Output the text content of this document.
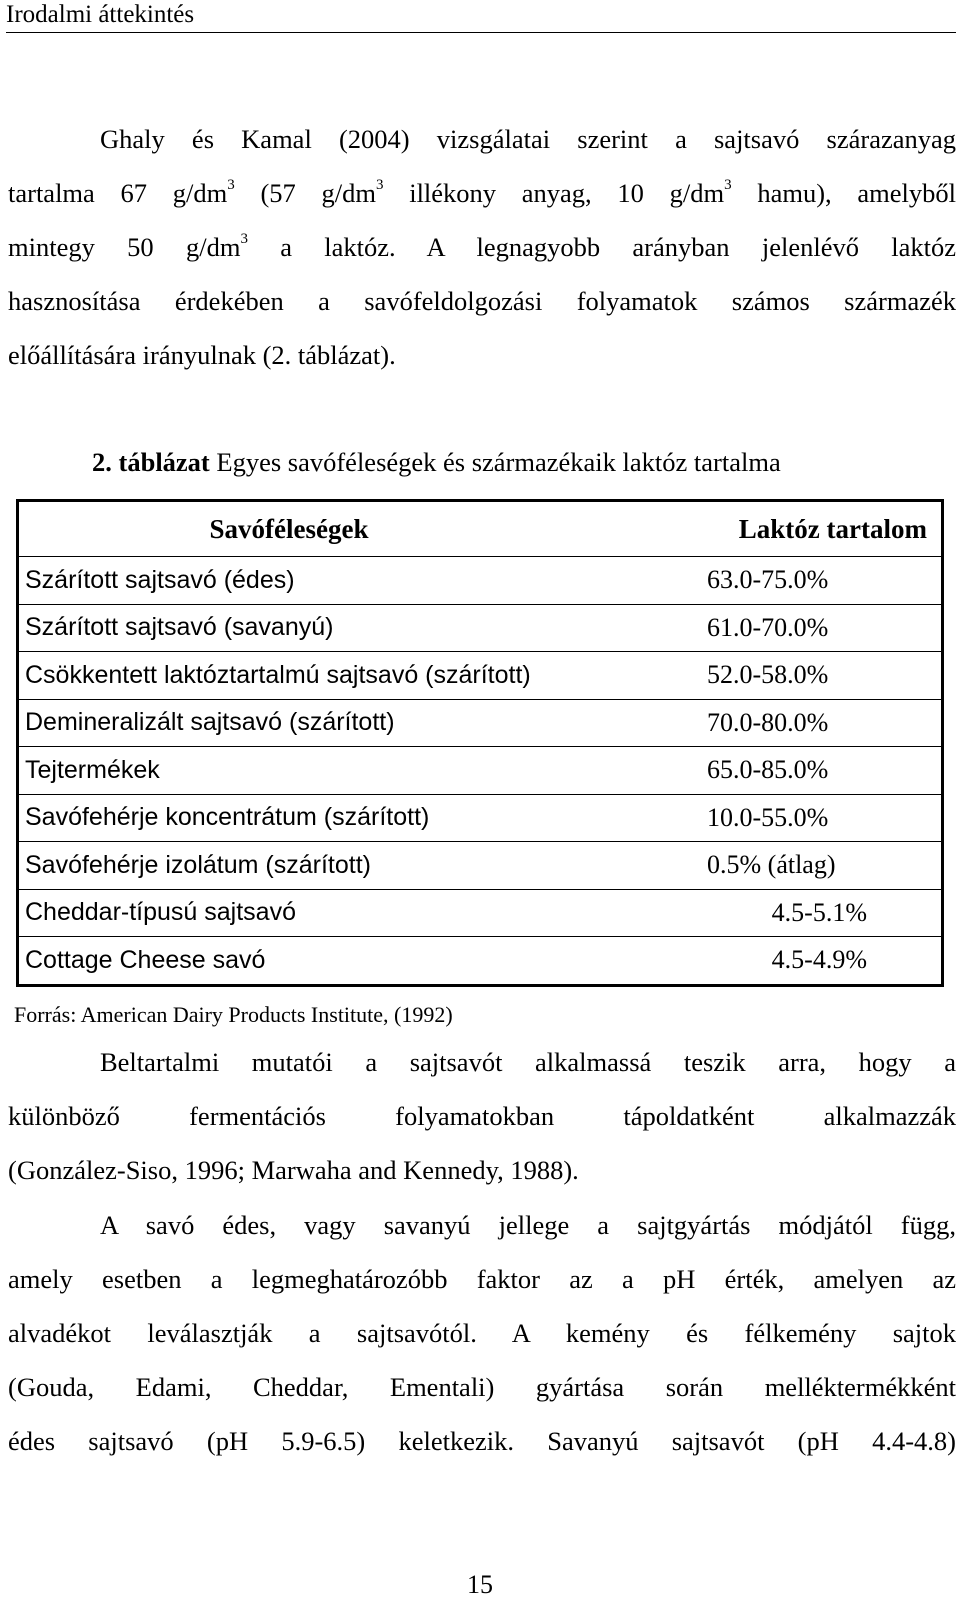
Irodalmi áttekintés
Ghaly és Kamal (2004) vizsgálatai szerint a sajtsavó szárazanyag
tartalma 67 $g/dm^3$ (57 $g/dm^3$ illékony anyag, 10 $g/dm^3$ hamu), amelyből
mintegy 50 $g/dm^3$ a laktóz. A legnagyobb arányban jelenlévő laktóz
hasznosítása érdekében a savófeldolgozási folyamatok számos származék
előállítására irányulnak (2. táblázat).
2. táblázat Egyes savóféleségek és származékaik laktóz tartalma
Savóféleségek	Laktóz tartalom
Szárított sajtsavó (édes)	63.0-75.0%
Szárított sajtsavó (savanyú)	61.0-70.0%
Csökkentett laktóztartalmú sajtsavó (szárított)	52.0-58.0%
Demineralizált sajtsavó (szárított)	70.0-80.0%
Tejtermékek	65.0-85.0%
Savófehérje koncentrátum (szárított)	10.0-55.0%
Savófehérje izolátum (szárított)	0.5% (átlag)
Cheddar-típusú sajtsavó	4.5-5.1%
Cottage Cheese savó	4.5-4.9%
Forrás: American Dairy Products Institute, (1992)
Beltartalmi mutatói a sajtsavót alkalmassá teszik arra, hogy a
különböző fermentációs folyamatokban tápoldatként alkalmazzák
(González-Siso, 1996; Marwaha and Kennedy, 1988).
A savó édes, vagy savanyú jellege a sajtgyártás módjától függ,
amely esetben a legmeghatározóbb faktor az a pH érték, amelyen az
alvadékot leválasztják a sajtsavótól. A kemény és félkemény sajtok
(Gouda, Edami, Cheddar, Ementali) gyártása során melléktermékként
édes sajtsavó (pH 5.9-6.5) keletkezik. Savanyú sajtsavót (pH 4.4-4.8)
15
